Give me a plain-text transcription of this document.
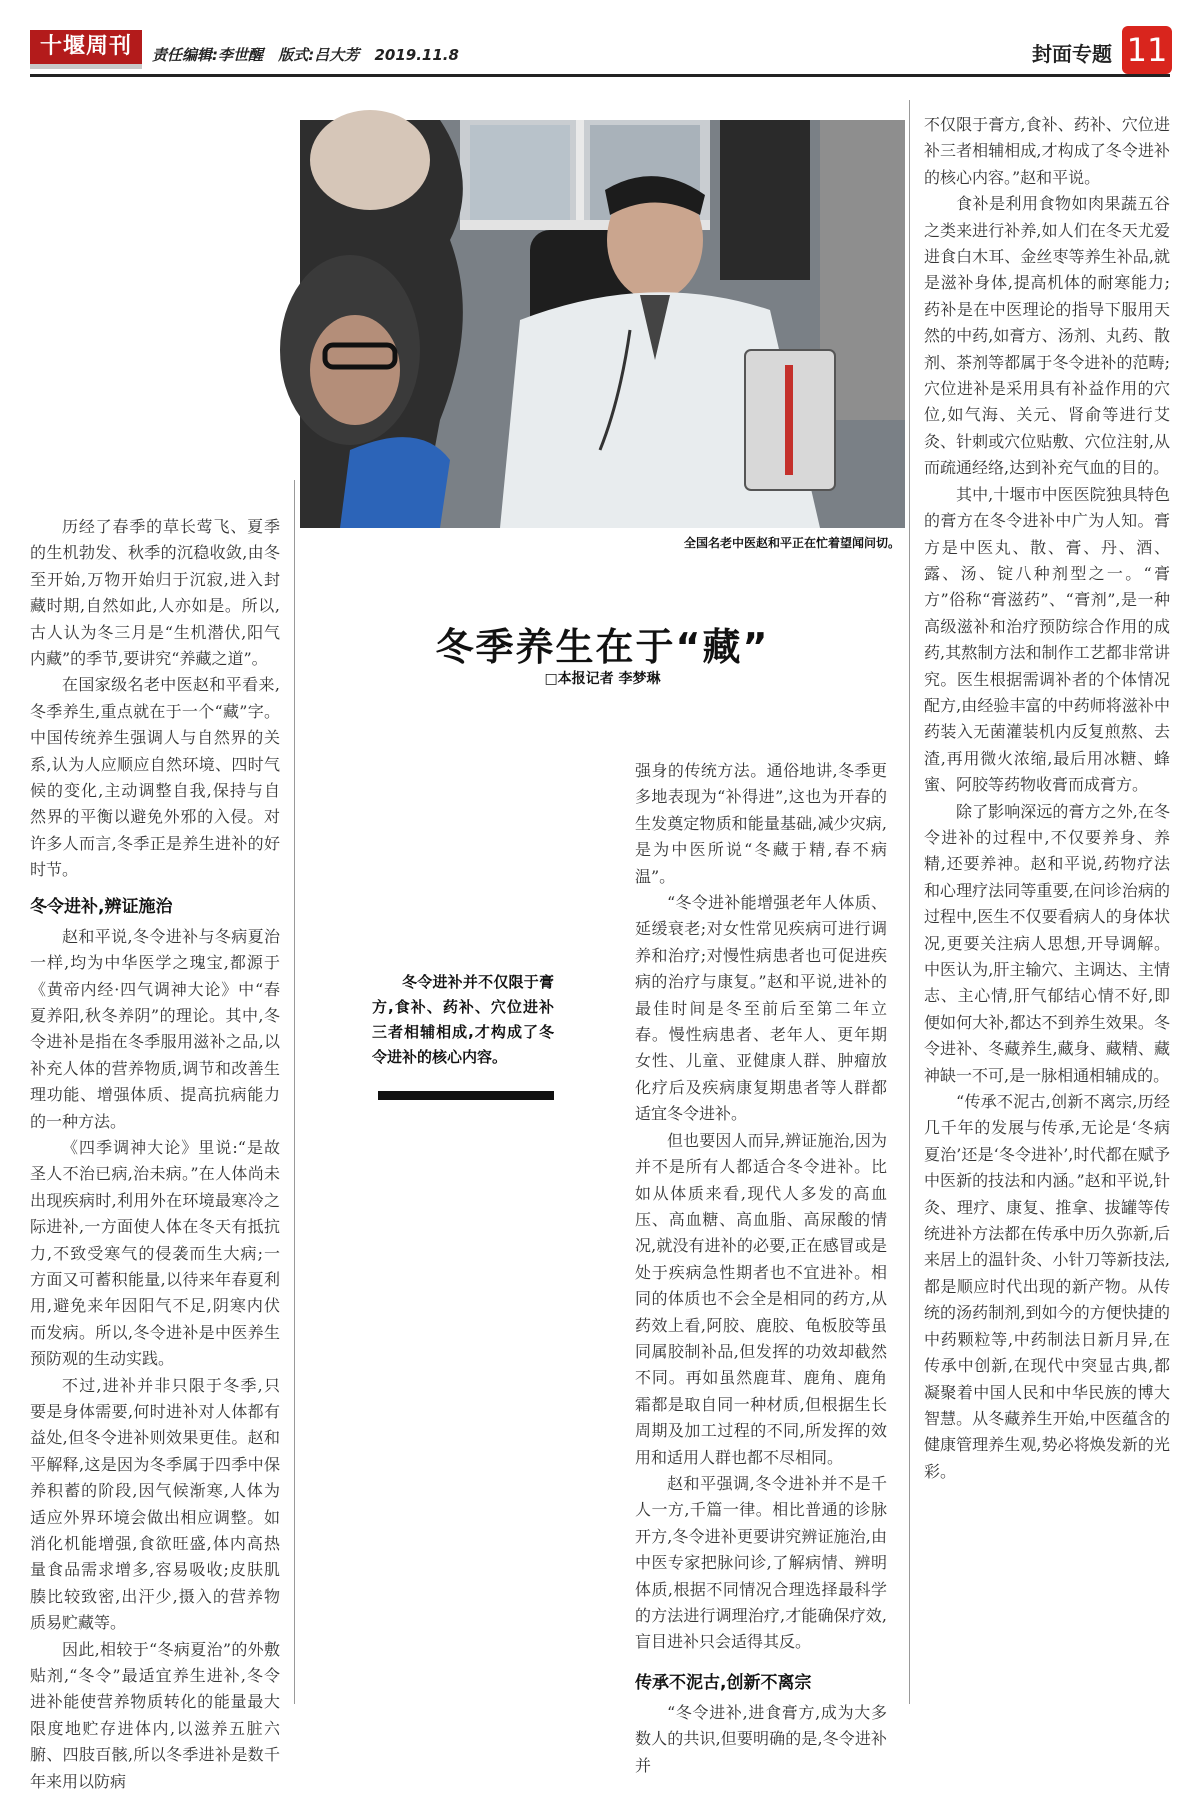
十堰周刊	责任编辑:李世醒 版式:吕大芳 2019.11.8	封面专题 11
全国名老中医赵和平正在忙着望闻问切。
冬季养生在于“藏”
□本报记者 李梦琳
冬令进补并不仅限于膏方,食补、药补、穴位进补三者相辅相成,才构成了冬令进补的核心内容。

历经了春季的草长莺飞、夏季的生机勃发、秋季的沉稳收敛,由冬至开始,万物开始归于沉寂,进入封藏时期,自然如此,人亦如是。所以,古人认为冬三月是“生机潜伏,阳气内藏”的季节,要讲究“养藏之道”。

在国家级名老中医赵和平看来,冬季养生,重点就在于一个“藏”字。中国传统养生强调人与自然界的关系,认为人应顺应自然环境、四时气候的变化,主动调整自我,保持与自然界的平衡以避免外邪的入侵。对许多人而言,冬季正是养生进补的好时节。

冬令进补,辨证施治

赵和平说,冬令进补与冬病夏治一样,均为中华医学之瑰宝,都源于《黄帝内经·四气调神大论》中“春夏养阳,秋冬养阴”的理论。其中,冬令进补是指在冬季服用滋补之品,以补充人体的营养物质,调节和改善生理功能、增强体质、提高抗病能力的一种方法。

《四季调神大论》里说:“是故圣人不治已病,治未病。”在人体尚未出现疾病时,利用外在环境最寒冷之际进补,一方面使人体在冬天有抵抗力,不致受寒气的侵袭而生大病;一方面又可蓄积能量,以待来年春夏利用,避免来年因阳气不足,阴寒内伏而发病。所以,冬令进补是中医养生预防观的生动实践。

不过,进补并非只限于冬季,只要是身体需要,何时进补对人体都有益处,但冬令进补则效果更佳。赵和平解释,这是因为冬季属于四季中保养积蓄的阶段,因气候渐寒,人体为适应外界环境会做出相应调整。如消化机能增强,食欲旺盛,体内高热量食品需求增多,容易吸收;皮肤肌腠比较致密,出汗少,摄入的营养物质易贮藏等。

因此,相较于“冬病夏治”的外敷贴剂,“冬令”最适宜养生进补,冬令进补能使营养物质转化的能量最大限度地贮存进体内,以滋养五脏六腑、四肢百骸,所以冬季进补是数千年来用以防病

强身的传统方法。通俗地讲,冬季更多地表现为“补得进”,这也为开春的生发奠定物质和能量基础,减少灾病,是为中医所说“冬藏于精,春不病温”。

“冬令进补能增强老年人体质、延缓衰老;对女性常见疾病可进行调养和治疗;对慢性病患者也可促进疾病的治疗与康复。”赵和平说,进补的最佳时间是冬至前后至第二年立春。慢性病患者、老年人、更年期女性、儿童、亚健康人群、肿瘤放化疗后及疾病康复期患者等人群都适宜冬令进补。

但也要因人而异,辨证施治,因为并不是所有人都适合冬令进补。比如从体质来看,现代人多发的高血压、高血糖、高血脂、高尿酸的情况,就没有进补的必要,正在感冒或是处于疾病急性期者也不宜进补。相同的体质也不会全是相同的药方,从药效上看,阿胶、鹿胶、龟板胶等虽同属胶制补品,但发挥的功效却截然不同。再如虽然鹿茸、鹿角、鹿角霜都是取自同一种材质,但根据生长周期及加工过程的不同,所发挥的效用和适用人群也都不尽相同。

赵和平强调,冬令进补并不是千人一方,千篇一律。相比普通的诊脉开方,冬令进补更要讲究辨证施治,由中医专家把脉问诊,了解病情、辨明体质,根据不同情况合理选择最科学的方法进行调理治疗,才能确保疗效,盲目进补只会适得其反。

传承不泥古,创新不离宗

“冬令进补,进食膏方,成为大多数人的共识,但要明确的是,冬令进补并

不仅限于膏方,食补、药补、穴位进补三者相辅相成,才构成了冬令进补的核心内容。”赵和平说。

食补是利用食物如肉果蔬五谷之类来进行补养,如人们在冬天尤爱进食白木耳、金丝枣等养生补品,就是滋补身体,提高机体的耐寒能力;药补是在中医理论的指导下服用天然的中药,如膏方、汤剂、丸药、散剂、茶剂等都属于冬令进补的范畴;穴位进补是采用具有补益作用的穴位,如气海、关元、肾俞等进行艾灸、针刺或穴位贴敷、穴位注射,从而疏通经络,达到补充气血的目的。

其中,十堰市中医医院独具特色的膏方在冬令进补中广为人知。膏方是中医丸、散、膏、丹、酒、露、汤、锭八种剂型之一。“膏方”俗称“膏滋药”、“膏剂”,是一种高级滋补和治疗预防综合作用的成药,其熬制方法和制作工艺都非常讲究。医生根据需调补者的个体情况配方,由经验丰富的中药师将滋补中药装入无菌灌装机内反复煎熬、去渣,再用微火浓缩,最后用冰糖、蜂蜜、阿胶等药物收膏而成膏方。

除了影响深远的膏方之外,在冬令进补的过程中,不仅要养身、养精,还要养神。赵和平说,药物疗法和心理疗法同等重要,在问诊治病的过程中,医生不仅要看病人的身体状况,更要关注病人思想,开导调解。中医认为,肝主输穴、主调达、主情志、主心情,肝气郁结心情不好,即便如何大补,都达不到养生效果。冬令进补、冬藏养生,藏身、藏精、藏神缺一不可,是一脉相通相辅成的。

“传承不泥古,创新不离宗,历经几千年的发展与传承,无论是‘冬病夏治’还是‘冬令进补’,时代都在赋予中医新的技法和内涵。”赵和平说,针灸、理疗、康复、推拿、拔罐等传统进补方法都在传承中历久弥新,后来居上的温针灸、小针刀等新技法,都是顺应时代出现的新产物。从传统的汤药制剂,到如今的方便快捷的中药颗粒等,中药制法日新月异,在传承中创新,在现代中突显古典,都凝聚着中国人民和中华民族的博大智慧。从冬藏养生开始,中医蕴含的健康管理养生观,势必将焕发新的光彩。
